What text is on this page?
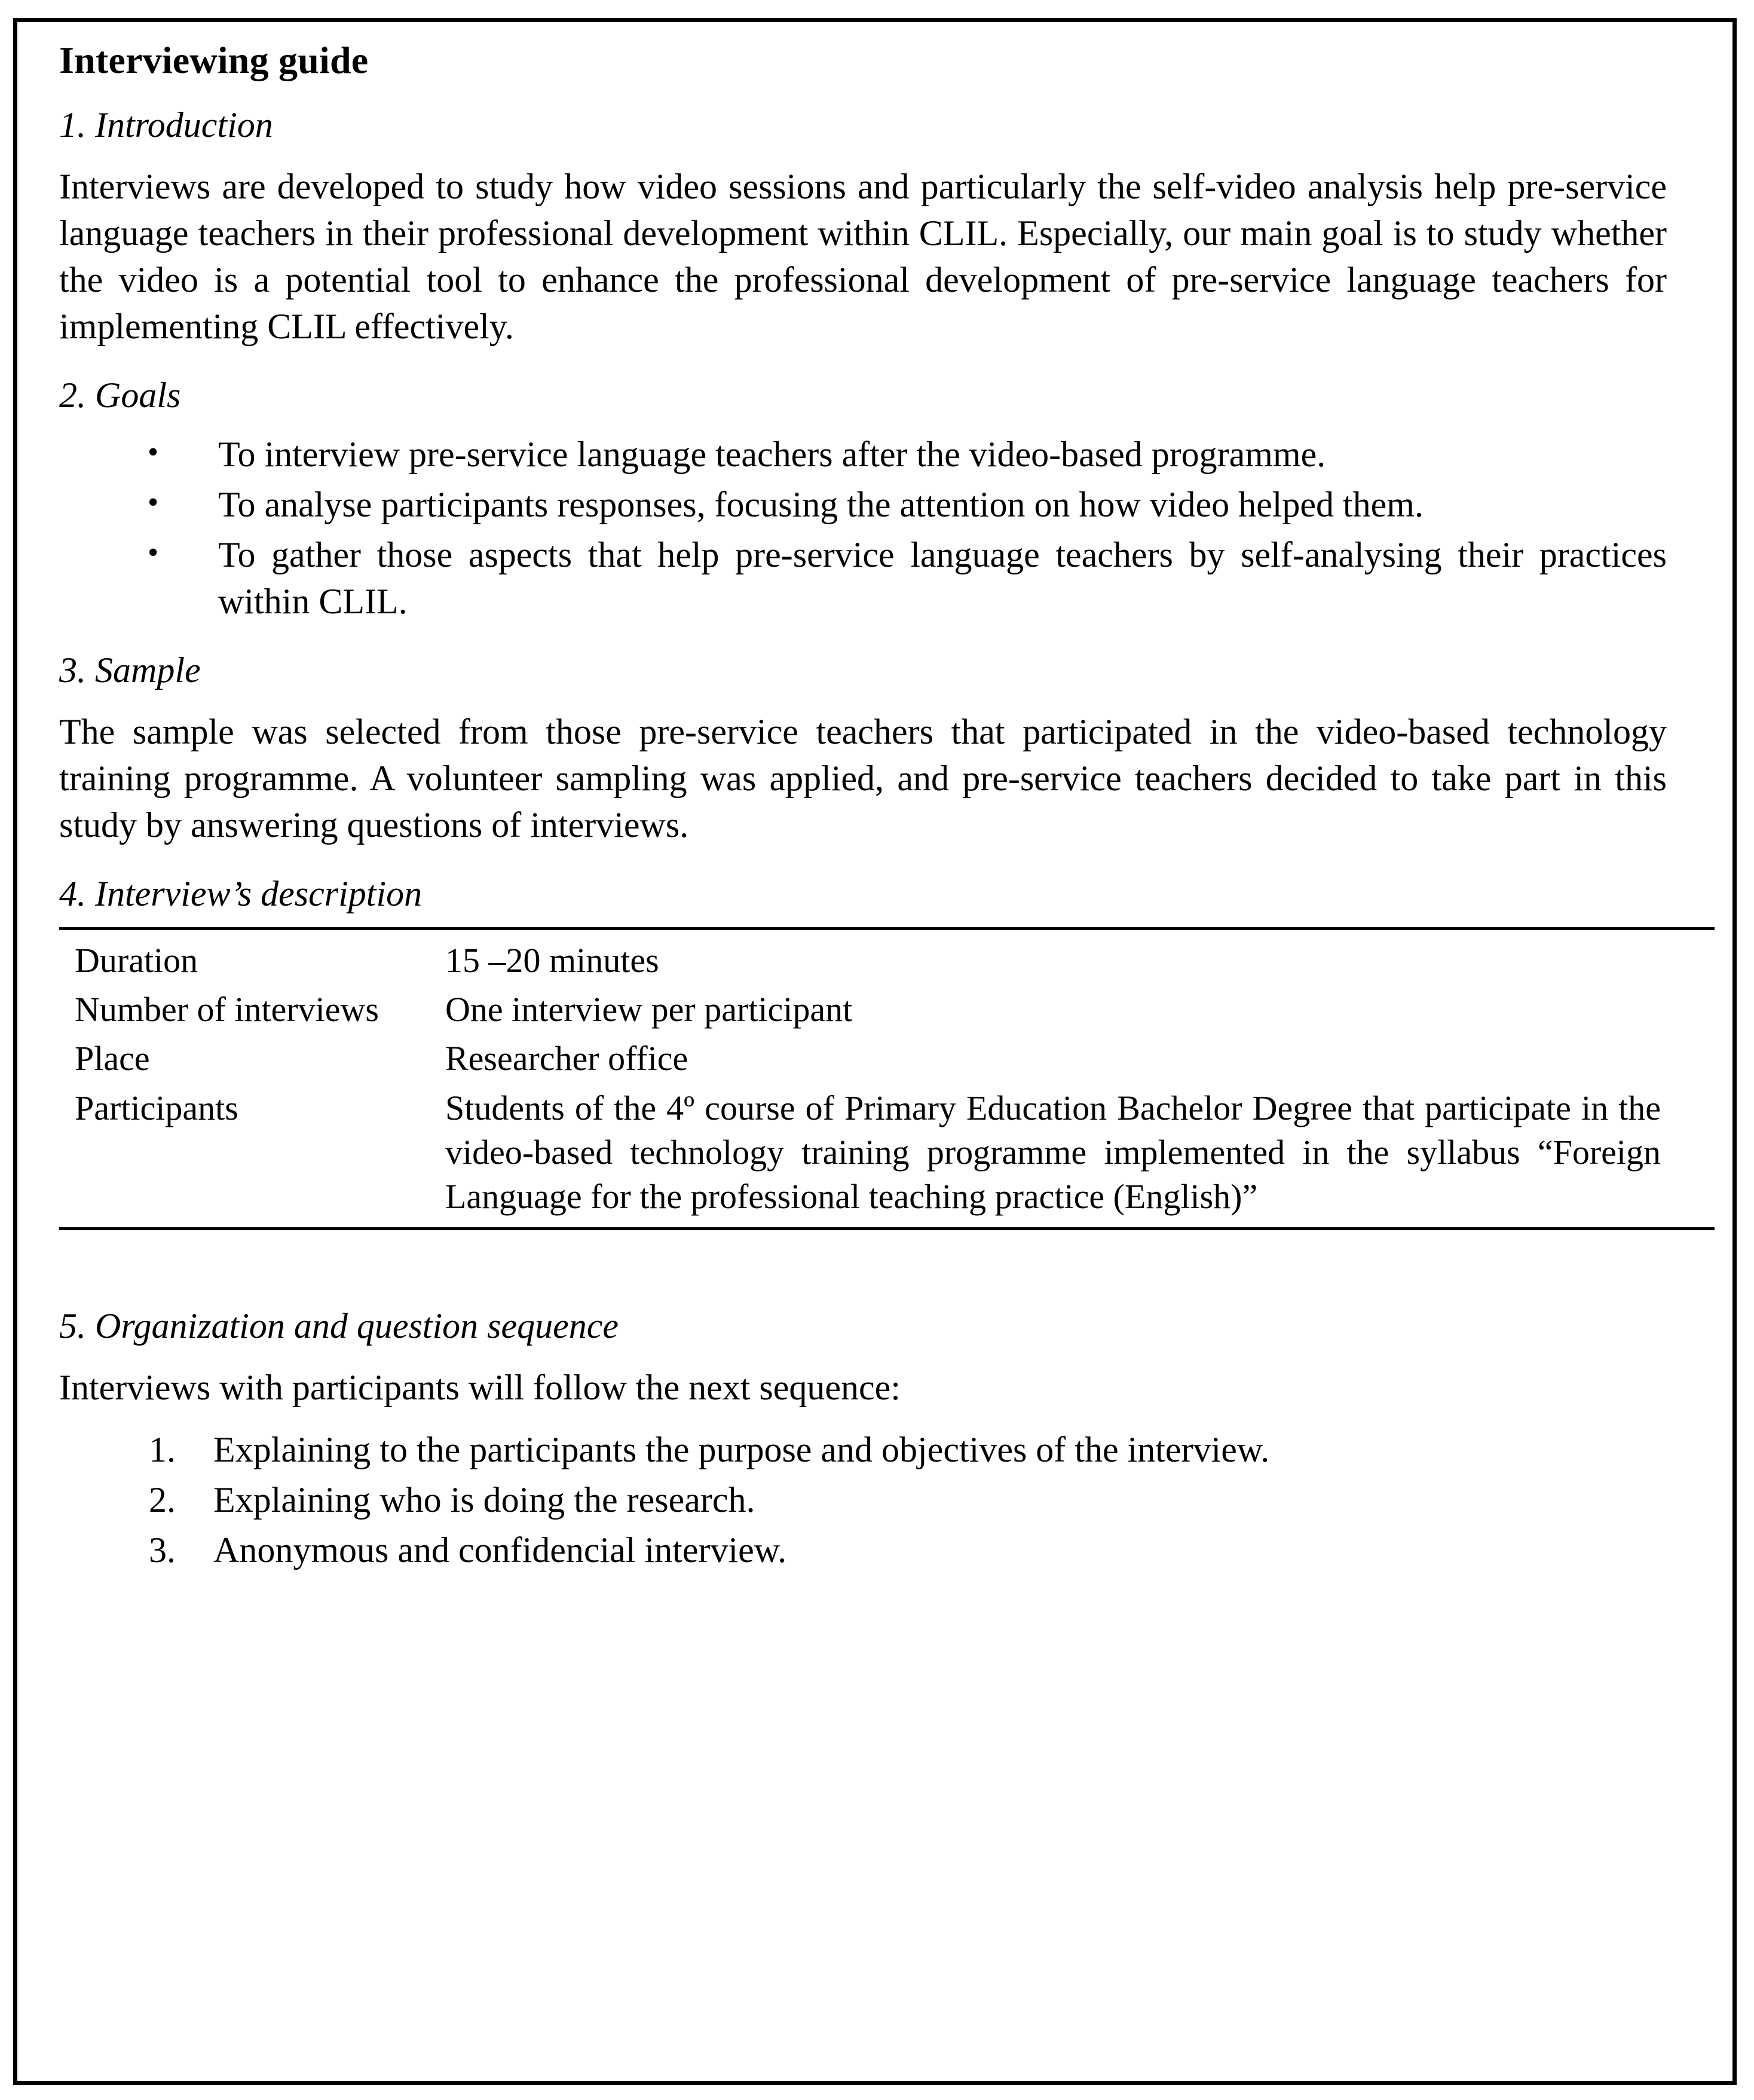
Interviewing guide
1. Introduction

Interviews are developed to study how video sessions and particularly the self-video analysis help pre-service language teachers in their professional development within CLIL. Especially, our main goal is to study whether the video is a potential tool to enhance the professional development of pre-service language teachers for implementing CLIL effectively.

2. Goals
• To interview pre-service language teachers after the video-based programme.
• To analyse participants responses, focusing the attention on how video helped them.
• To gather those aspects that help pre-service language teachers by self-analysing their practices within CLIL.
3. Sample

The sample was selected from those pre-service teachers that participated in the video-based technology training programme. A volunteer sampling was applied, and pre-service teachers decided to take part in this study by answering questions of interviews.

4. Interview’s description
Duration	15 –20 minutes
Number of interviews	One interview per participant
Place	Researcher office
Participants	Students of the 4º course of Primary Education Bachelor Degree that participate in the video-based technology training programme implemented in the syllabus “Foreign Language for the professional teaching practice (English)”
5. Organization and question sequence

Interviews with participants will follow the next sequence:

1. Explaining to the participants the purpose and objectives of the interview.
2. Explaining who is doing the research.
3. Anonymous and confidencial interview.
